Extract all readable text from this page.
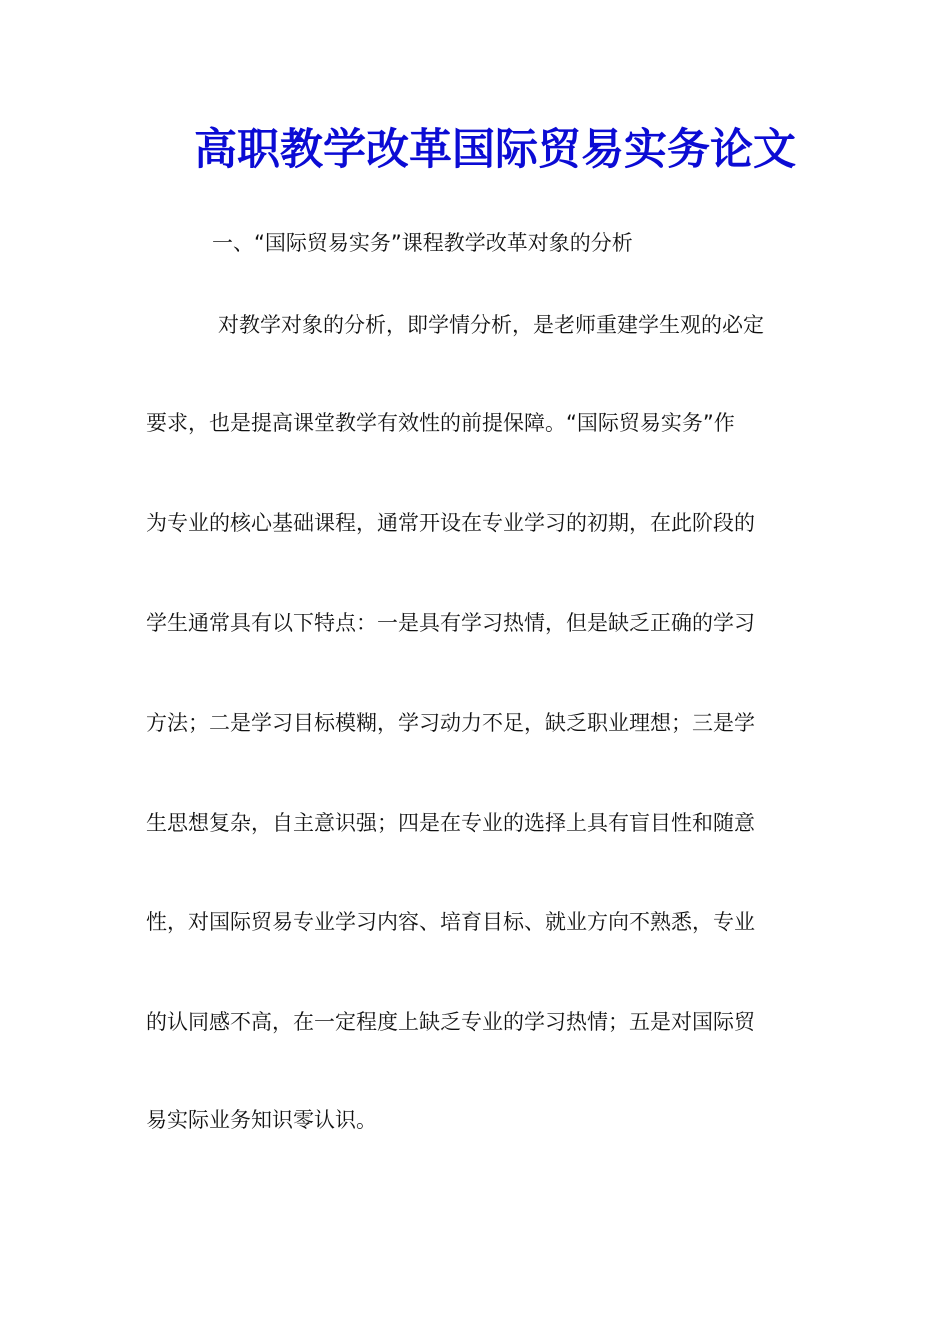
高职教学改革国际贸易实务论文
一、“国际贸易实务”课程教学改革对象的分析
对教学对象的分析，即学情分析，是老师重建学生观的必定
要求，也是提高课堂教学有效性的前提保障。“国际贸易实务”作
为专业的核心基础课程，通常开设在专业学习的初期，在此阶段的
学生通常具有以下特点：一是具有学习热情，但是缺乏正确的学习
方法；二是学习目标模糊，学习动力不足，缺乏职业理想；三是学
生思想复杂，自主意识强；四是在专业的选择上具有盲目性和随意
性，对国际贸易专业学习内容、培育目标、就业方向不熟悉，专业
的认同感不高，在一定程度上缺乏专业的学习热情；五是对国际贸
易实际业务知识零认识。
